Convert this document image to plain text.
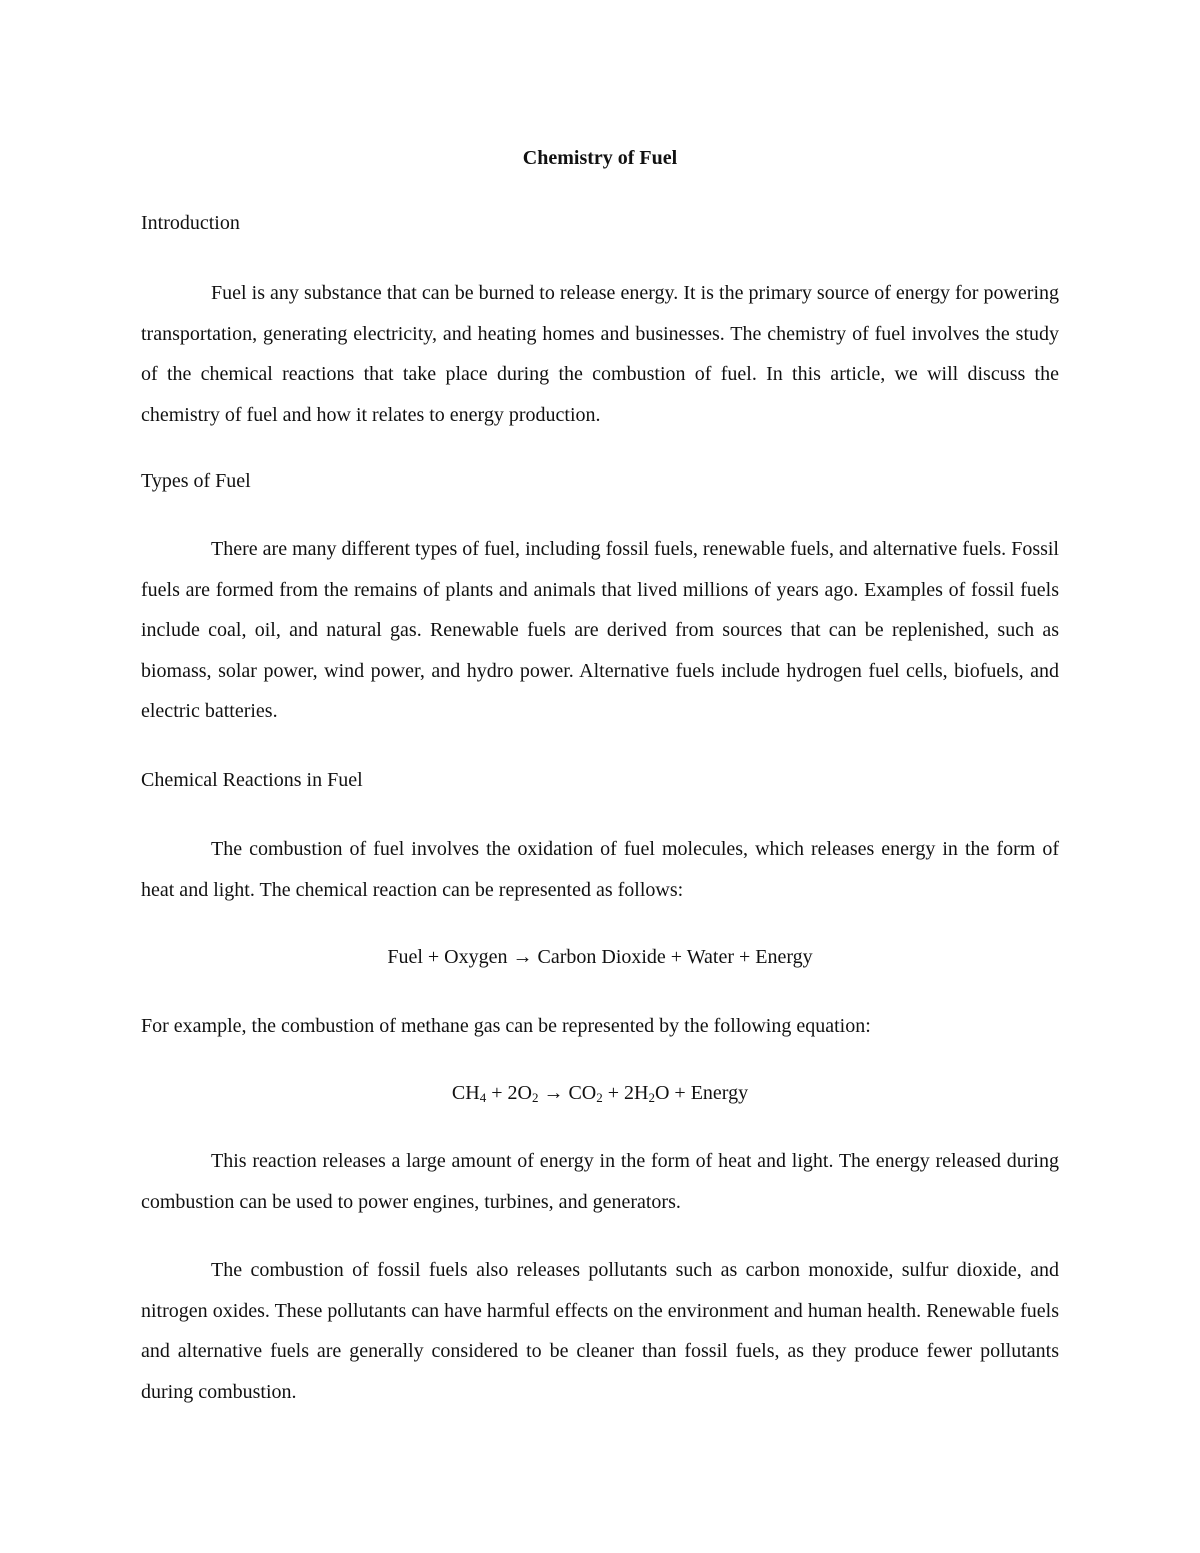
Chemistry of Fuel
Introduction

Fuel is any substance that can be burned to release energy. It is the primary source of energy for powering transportation, generating electricity, and heating homes and businesses. The chemistry of fuel involves the study of the chemical reactions that take place during the combustion of fuel. In this article, we will discuss the chemistry of fuel and how it relates to energy production.

Types of Fuel

There are many different types of fuel, including fossil fuels, renewable fuels, and alternative fuels. Fossil fuels are formed from the remains of plants and animals that lived millions of years ago. Examples of fossil fuels include coal, oil, and natural gas. Renewable fuels are derived from sources that can be replenished, such as biomass, solar power, wind power, and hydro power. Alternative fuels include hydrogen fuel cells, biofuels, and electric batteries.

Chemical Reactions in Fuel

The combustion of fuel involves the oxidation of fuel molecules, which releases energy in the form of heat and light. The chemical reaction can be represented as follows:

Fuel + Oxygen → Carbon Dioxide + Water + Energy

For example, the combustion of methane gas can be represented by the following equation:

$CH_4 + 2O_2 \to CO_2 + 2H_2O$ + Energy

This reaction releases a large amount of energy in the form of heat and light. The energy released during combustion can be used to power engines, turbines, and generators.

The combustion of fossil fuels also releases pollutants such as carbon monoxide, sulfur dioxide, and nitrogen oxides. These pollutants can have harmful effects on the environment and human health. Renewable fuels and alternative fuels are generally considered to be cleaner than fossil fuels, as they produce fewer pollutants during combustion.
